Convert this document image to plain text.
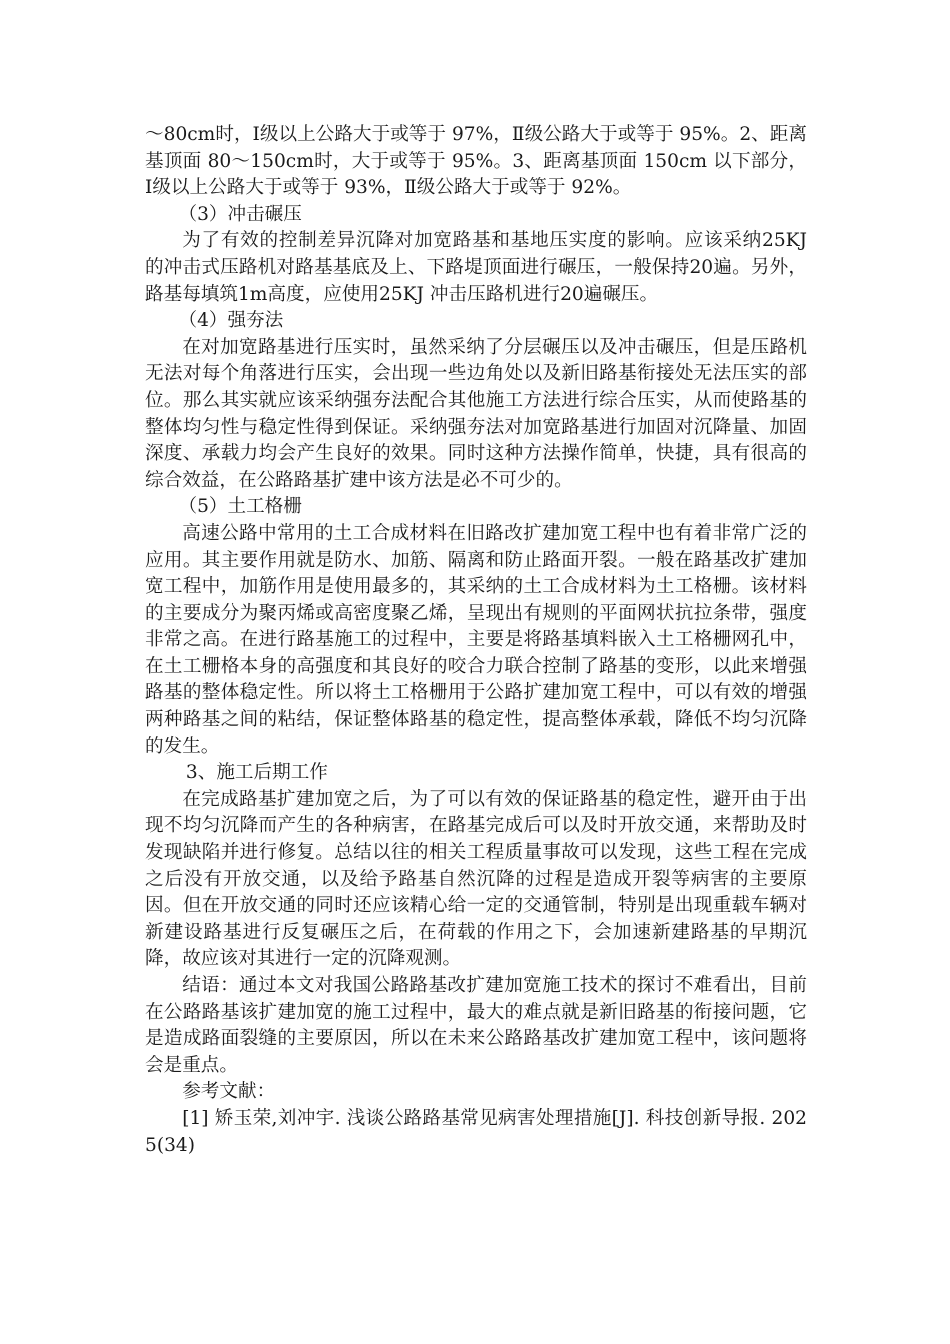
～80cm时，Ⅰ级以上公路大于或等于 97%，Ⅱ级公路大于或等于 95%。2、距离基顶面 80～150cm时，大于或等于 95%。3、距离基顶面 150cm 以下部分，Ⅰ级以上公路大于或等于 93%，Ⅱ级公路大于或等于 92%。

（3）冲击碾压

为了有效的控制差异沉降对加宽路基和基地压实度的影响。应该采纳25KJ 的冲击式压路机对路基基底及上、下路堤顶面进行碾压，一般保持20遍。另外，路基每填筑1m高度，应使用25KJ 冲击压路机进行20遍碾压。

（4）强夯法

在对加宽路基进行压实时，虽然采纳了分层碾压以及冲击碾压，但是压路机无法对每个角落进行压实，会出现一些边角处以及新旧路基衔接处无法压实的部位。那么其实就应该采纳强夯法配合其他施工方法进行综合压实，从而使路基的整体均匀性与稳定性得到保证。采纳强夯法对加宽路基进行加固对沉降量、加固深度、承载力均会产生良好的效果。同时这种方法操作简单，快捷，具有很高的综合效益，在公路路基扩建中该方法是必不可少的。

（5）土工格栅

高速公路中常用的土工合成材料在旧路改扩建加宽工程中也有着非常广泛的应用。其主要作用就是防水、加筋、隔离和防止路面开裂。一般在路基改扩建加宽工程中，加筋作用是使用最多的，其采纳的土工合成材料为土工格栅。该材料的主要成分为聚丙烯或高密度聚乙烯，呈现出有规则的平面网状抗拉条带，强度非常之高。在进行路基施工的过程中，主要是将路基填料嵌入土工格栅网孔中，在土工栅格本身的高强度和其良好的咬合力联合控制了路基的变形，以此来增强路基的整体稳定性。所以将土工格栅用于公路扩建加宽工程中，可以有效的增强两种路基之间的粘结，保证整体路基的稳定性，提高整体承载，降低不均匀沉降的发生。

3、施工后期工作

在完成路基扩建加宽之后，为了可以有效的保证路基的稳定性，避开由于出现不均匀沉降而产生的各种病害，在路基完成后可以及时开放交通，来帮助及时发现缺陷并进行修复。总结以往的相关工程质量事故可以发现，这些工程在完成之后没有开放交通，以及给予路基自然沉降的过程是造成开裂等病害的主要原因。但在开放交通的同时还应该精心给一定的交通管制，特别是出现重载车辆对新建设路基进行反复碾压之后，在荷载的作用之下，会加速新建路基的早期沉降，故应该对其进行一定的沉降观测。

结语：通过本文对我国公路路基改扩建加宽施工技术的探讨不难看出，目前在公路路基该扩建加宽的施工过程中，最大的难点就是新旧路基的衔接问题，它是造成路面裂缝的主要原因，所以在未来公路路基改扩建加宽工程中，该问题将会是重点。

参考文献：

[1] 矫玉荣,刘冲宇. 浅谈公路路基常见病害处理措施[J]. 科技创新导报. 2025(34)
